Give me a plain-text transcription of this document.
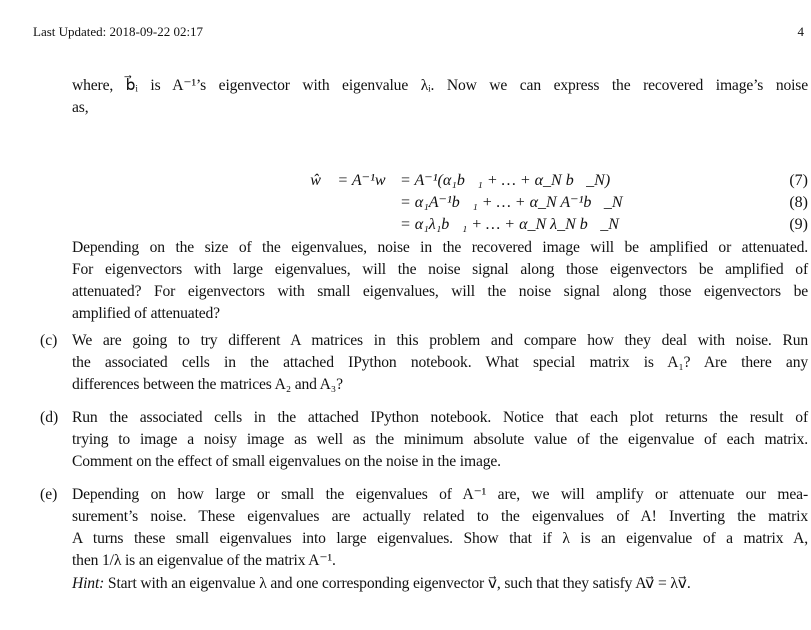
Last Updated: 2018-09-22 02:17	4
where, b⃗ᵢ is A⁻¹’s eigenvector with eigenvalue λᵢ. Now we can express the recovered image’s noise
as,
ŵ⃗ = A⁻¹w⃗ = A⁻¹(α₁b⃗₁ + … + α_N b⃗_N)	(7)
= α₁A⁻¹b⃗₁ + … + α_N A⁻¹b⃗_N	(8)
= α₁λ₁b⃗₁ + … + α_N λ_N b⃗_N	(9)
Depending on the size of the eigenvalues, noise in the recovered image will be amplified or attenuated.
For eigenvectors with large eigenvalues, will the noise signal along those eigenvectors be amplified of
attenuated? For eigenvectors with small eigenvalues, will the noise signal along those eigenvectors be
amplified of attenuated?
(c) We are going to try different A matrices in this problem and compare how they deal with noise. Run
the associated cells in the attached IPython notebook. What special matrix is A₁? Are there any
differences between the matrices A₂ and A₃?
(d) Run the associated cells in the attached IPython notebook. Notice that each plot returns the result of
trying to image a noisy image as well as the minimum absolute value of the eigenvalue of each matrix.
Comment on the effect of small eigenvalues on the noise in the image.
(e) Depending on how large or small the eigenvalues of A⁻¹ are, we will amplify or attenuate our mea-
surement’s noise. These eigenvalues are actually related to the eigenvalues of A! Inverting the matrix
A turns these small eigenvalues into large eigenvalues. Show that if λ is an eigenvalue of a matrix A,
then 1/λ is an eigenvalue of the matrix A⁻¹.
Hint: Start with an eigenvalue λ and one corresponding eigenvector v⃗, such that they satisfy Av⃗ = λv⃗.
